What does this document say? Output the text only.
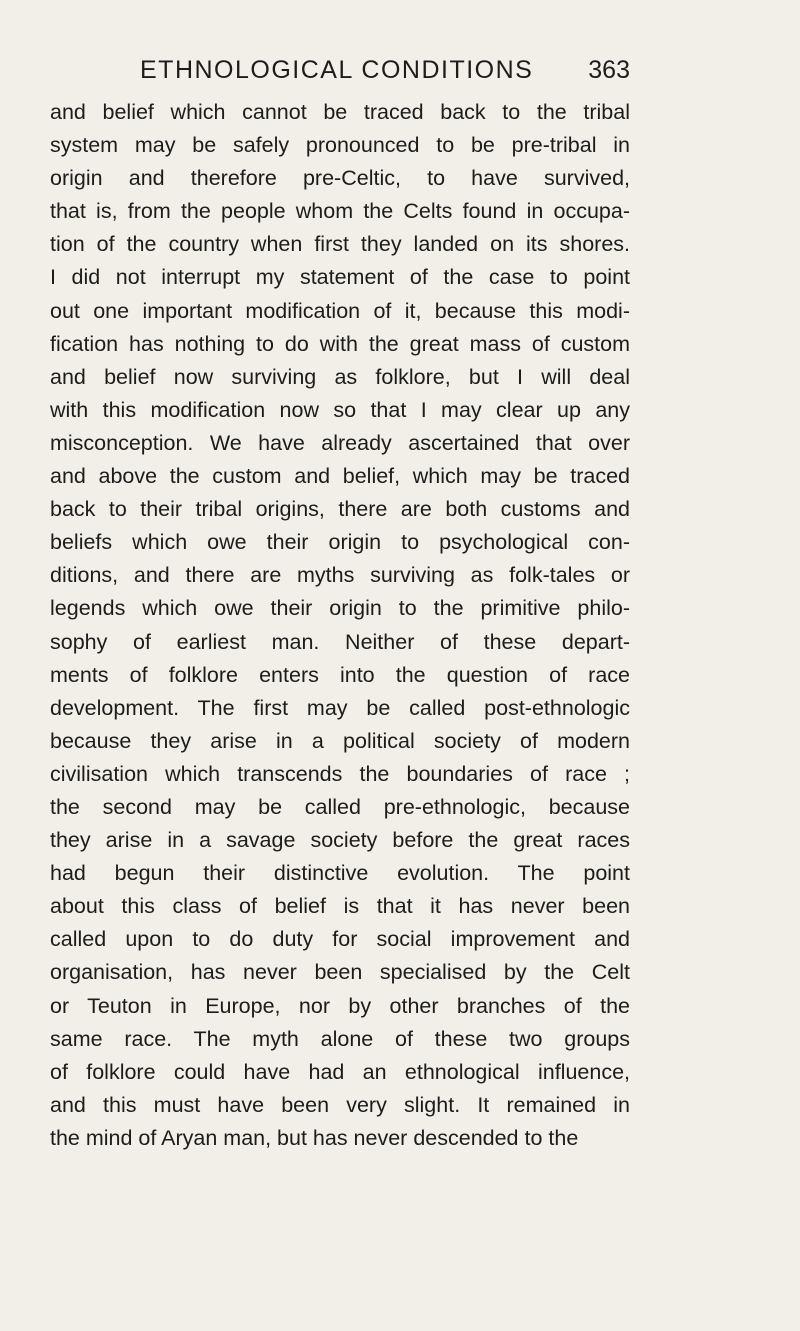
ETHNOLOGICAL CONDITIONS 363
and belief which cannot be traced back to the tribal
system may be safely pronounced to be pre-tribal in
origin and therefore pre-Celtic, to have survived,
that is, from the people whom the Celts found in occupa-
tion of the country when first they landed on its shores.
I did not interrupt my statement of the case to point
out one important modification of it, because this modi-
fication has nothing to do with the great mass of custom
and belief now surviving as folklore, but I will deal
with this modification now so that I may clear up any
misconception. We have already ascertained that over
and above the custom and belief, which may be traced
back to their tribal origins, there are both customs and
beliefs which owe their origin to psychological con-
ditions, and there are myths surviving as folk-tales or
legends which owe their origin to the primitive philo-
sophy of earliest man. Neither of these depart-
ments of folklore enters into the question of race
development. The first may be called post-ethnologic
because they arise in a political society of modern
civilisation which transcends the boundaries of race ;
the second may be called pre-ethnologic, because
they arise in a savage society before the great races
had begun their distinctive evolution. The point
about this class of belief is that it has never been
called upon to do duty for social improvement and
organisation, has never been specialised by the Celt
or Teuton in Europe, nor by other branches of the
same race. The myth alone of these two groups
of folklore could have had an ethnological influence,
and this must have been very slight. It remained in
the mind of Aryan man, but has never descended to the
